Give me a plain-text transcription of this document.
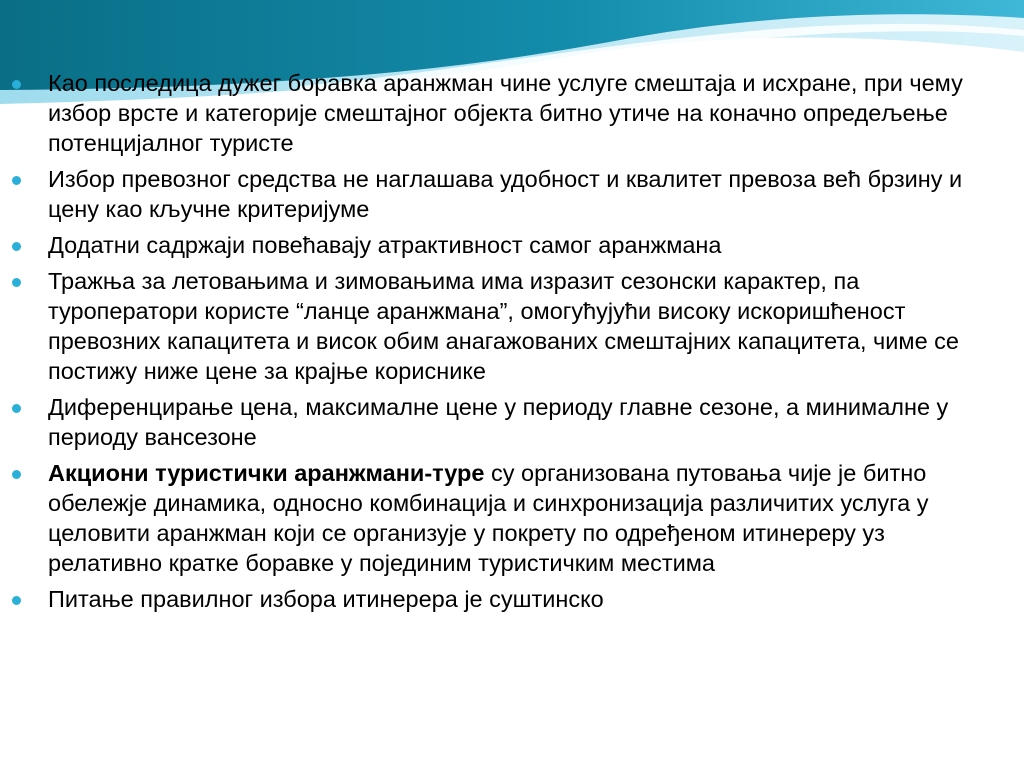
Као последица дужег боравка аранжман чине услуге смештаја и исхране, при чему избор врсте и категорије смештајног објекта битно утиче на коначно опредељење потенцијалног туристе
Избор превозног средства не наглашава удобност и квалитет превоза већ брзину и цену као кључне критеријуме
Додатни садржаји повећавају атрактивност самог аранжмана
Тражња за летовањима и зимовањима има изразит сезонски карактер, па туроператори користе “ланце аранжмана”, омогућујући високу искоришћеност превозних капацитета и висок обим анагажованих смештајних капацитета, чиме се постижу ниже цене за крајње кориснике
Диференцирање цена, максималне цене у периоду главне сезоне, а минималне у периоду вансезоне
Акциони туристички аранжмани-туре су организована путовања чије је битно обележје динамика, односно комбинација и синхронизација различитих услуга у целовити аранжман који се организује у покрету по одређеном итинереру уз релативно кратке боравке у појединим туристичким местима
Питање правилног избора итинерера је суштинско
